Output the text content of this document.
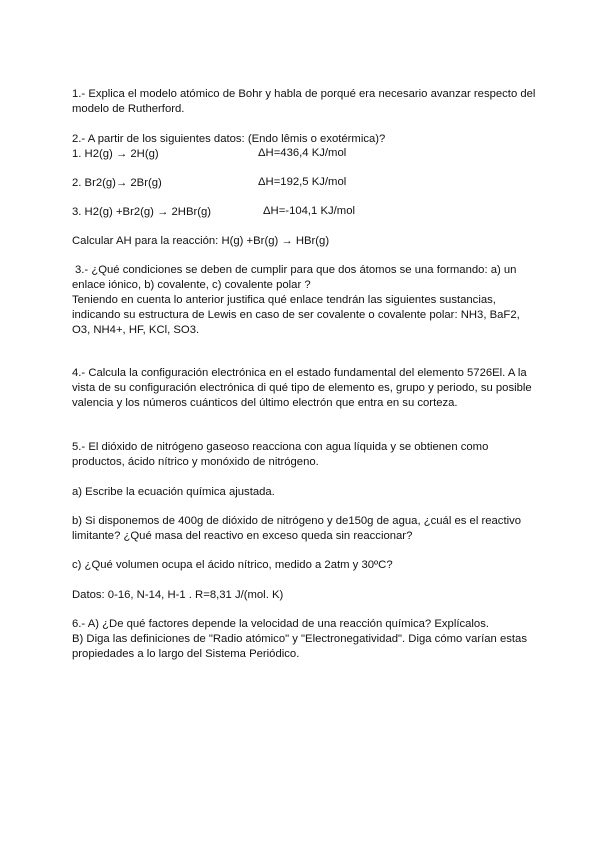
1.- Explica el modelo atómico de Bohr y habla de porqué era necesario avanzar respecto del
modelo de Rutherford.
2.- A partir de los siguientes datos: (Endo lêmis o exotérmica)?
1. H2(g) → 2H(g)	ΔH=436,4 KJ/mol
2. Br2(g)→ 2Br(g)	ΔH=192,5 KJ/mol
3. H2(g) +Br2(g) → 2HBr(g)	ΔH=-104,1 KJ/mol
Calcular AH para la reacción: H(g) +Br(g) → HBr(g)
3.- ¿Qué condiciones se deben de cumplir para que dos átomos se una formando: a) un
enlace iónico, b) covalente, c) covalente polar ?
Teniendo en cuenta lo anterior justifica qué enlace tendrán las siguientes sustancias,
indicando su estructura de Lewis en caso de ser covalente o covalente polar: NH3, BaF2,
O3, NH4+, HF, KCl, SO3.
4.- Calcula la configuración electrónica en el estado fundamental del elemento 5726El. A la
vista de su configuración electrónica di qué tipo de elemento es, grupo y periodo, su posible
valencia y los números cuánticos del último electrón que entra en su corteza.
5.- El dióxido de nitrógeno gaseoso reacciona con agua líquida y se obtienen como
productos, ácido nítrico y monóxido de nitrógeno.
a) Escribe la ecuación química ajustada.
b) Si disponemos de 400g de dióxido de nitrógeno y de150g de agua, ¿cuál es el reactivo
limitante? ¿Qué masa del reactivo en exceso queda sin reaccionar?
c) ¿Qué volumen ocupa el ácido nítrico, medido a 2atm y 30ºC?
Datos: 0-16, N-14, H-1 . R=8,31 J/(mol. K)
6.- A) ¿De qué factores depende la velocidad de una reacción química? Explícalos.
B) Diga las definiciones de "Radio atómico" y "Electronegatividad". Diga cómo varían estas
propiedades a lo largo del Sistema Periódico.
